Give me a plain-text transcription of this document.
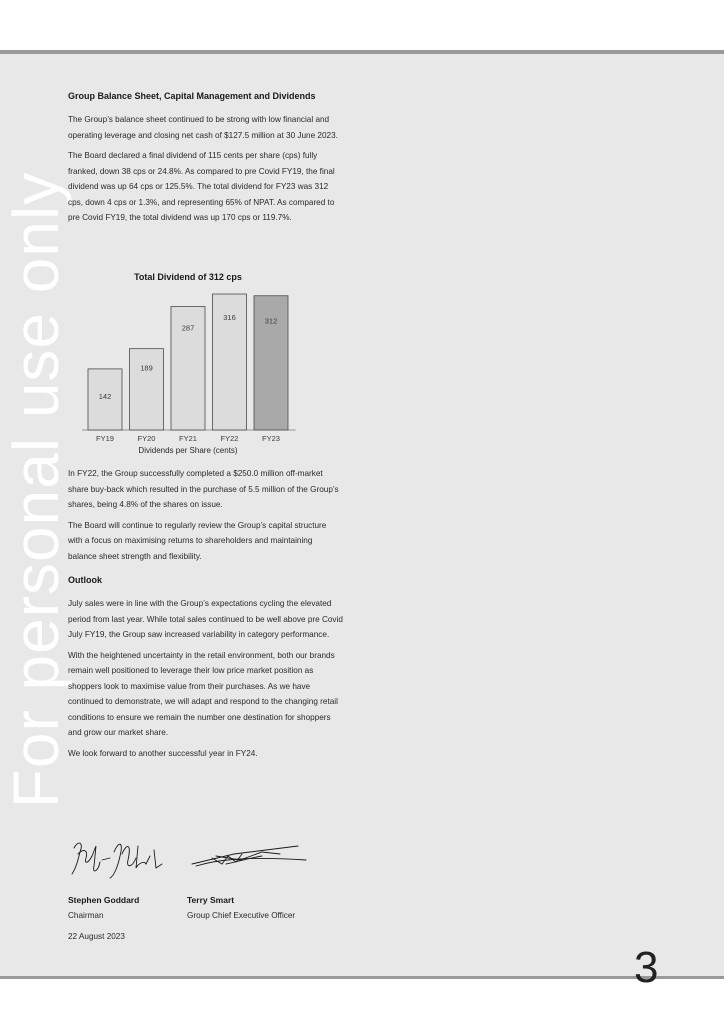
For personal use only
Group Balance Sheet, Capital Management and Dividends

The Group’s balance sheet continued to be strong with low financial and operating leverage and closing net cash of $127.5 million at 30 June 2023.

The Board declared a final dividend of 115 cents per share (cps) fully franked, down 38 cps or 24.8%. As compared to pre Covid FY19, the final dividend was up 64 cps or 125.5%. The total dividend for FY23 was 312 cps, down 4 cps or 1.3%, and representing 65% of NPAT. As compared to pre Covid FY19, the total dividend was up 170 cps or 119.7%.

Total Dividend of 312 cps
142
FY19
189
FY20
287
FY21
316
FY22
312
FY23
Dividends per Share (cents)

In FY22, the Group successfully completed a $250.0 million off-market share buy-back which resulted in the purchase of 5.5 million of the Group’s shares, being 4.8% of the shares on issue.

The Board will continue to regularly review the Group’s capital structure with a focus on maximising returns to shareholders and maintaining balance sheet strength and flexibility.

Outlook

July sales were in line with the Group’s expectations cycling the elevated period from last year. While total sales continued to be well above pre Covid July FY19, the Group saw increased variability in category performance.

With the heightened uncertainty in the retail environment, both our brands remain well positioned to leverage their low price market position as shoppers look to maximise value from their purchases. As we have continued to demonstrate, we will adapt and respond to the changing retail conditions to ensure we remain the number one destination for shoppers and grow our market share.

We look forward to another successful year in FY24.

Stephen Goddard
Chairman
Terry Smart
Group Chief Executive Officer
22 August 2023
3
